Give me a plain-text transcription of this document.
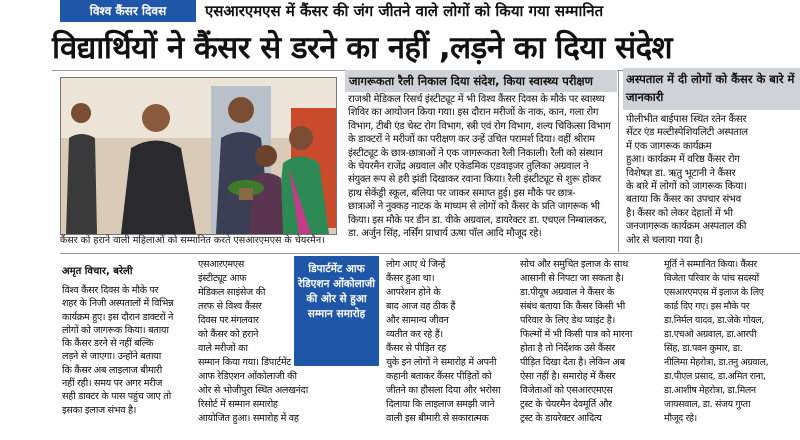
विश्व कैंसर दिवस	एसआरएमएस में कैंसर की जंग जीतने वाले लोगों को किया गया सम्मानित
विद्यार्थियों ने कैंसर से डरने का नहीं ,लड़ने का दिया संदेश
कैंसर को हराने वाली महिलाओं को सम्मानित करते एसआरएमएस के चेयरमैन।
जागरूकता रैली निकाल दिया संदेश, किया स्वास्थ्य परीक्षण
राजश्री मेडिकल रिसर्च इंस्टीट्यूट में भी विश्व कैंसर दिवस के मौके पर स्वास्थ्य
शिविर का आयोजन किया गया। इस दौरान मरीजों के नाक, कान, गला रोग
विभाग, टीबी एंड चेस्ट रोग विभाग, स्त्री एवं रोग विभाग, शल्य चिकित्सा विभाग
के डाक्टरों ने मरीजों का परीक्षण कर उन्हें उचित परामर्श दिया। वहीं श्रीराम
इंस्टीट्यूट के छात्र-छात्राओं ने एक जागरूकता रैली निकाली। रैली को संस्थान
के चेयरमैन राजेंद्र अग्रवाल और एकेडमिक एडवाइजर तुलिका अग्रवाल ने
संयुक्त रूप से हरी झंडी दिखाकर रवाना किया। रैली इंस्टीट्यूट से शुरू होकर
हाथ सेकेंड्री स्कूल, बलिया पर जाकर समाप्त हुई। इस मौके पर छात्र-
छात्राओं ने नुक्कड़ नाटक के माध्यम से लोगों को कैंसर के प्रति जागरूक भी
किया। इस मौके पर डीन डा. वीके अग्रवाल, डायरेक्टर डा. एचएल निम्बालकर,
डा. अर्जुन सिंह, नर्सिंग प्राचार्य ऊषा पॉल आदि मौजूद रहे।
अस्पताल में दी लोगों को कैंसर के बारे में जानकारी
पीलीभीत बाईपास स्थित रतेन कैंसर
सेंटर एंड मल्टीस्पेशियलिटी अस्पताल
में एक जागरूक कार्यक्रम
हुआ। कार्यक्रम में वरिष्ठ कैंसर रोग
विशेषज्ञ डा. ऋतु भूटानी ने कैंसर
के बारे में लोगों को जागरूक किया।
बताया कि कैंसर का उपचार संभव
है। कैंसर को लेकर देहातों में भी
जनजागरूक कार्यक्रम अस्पताल की
ओर से चलाया गया है।
अमृत विचार, बरेली	डिपार्टमेंट आफ रेडिएशन ओंकोलाजी की ओर से हुआ सम्मान समारोह
विश्व कैंसर दिवस के मौके पर
शहर के निजी अस्पतालों में विभिन्न
कार्यक्रम हुए। इस दौरान डाक्टरों ने
लोगों को जागरूक किया। बताया
कि कैंसर डरने से नहीं बल्कि
लड़ने से जाएगा। उन्होंने बताया
कि कैंसर अब लाइलाज बीमारी
नहीं रही। समय पर अगर मरीज
सही डाक्टर के पास पहुंच जाए तो
इसका इलाज संभव है।
एसआरएमएस
इंस्टीट्यूट आफ
मेडिकल साइंसेज की
तरफ से विश्व कैंसर
दिवस पर मंगलवार
को कैंसर को हराने
वाले मरीजों का
सम्मान किया गया। डिपार्टमेंट
आफ रेडिएशन ओंकोलाजी की
ओर से भोजीपुरा स्थित अलखनंदा
रिसोर्ट में सम्मान समारोह
आयोजित हुआ। समारोह में वह
लोग आए थे जिन्हें
कैंसर हुआ था।
आपरेशन होने के
बाद आज वह ठीक हैं
और सामान्य जीवन
व्यतीत कर रहे हैं।
कैंसर से पीड़ित रह
चुके इन लोगों ने समारोह में अपनी
कहानी बताकर कैंसर पीड़ितों को
जीतने का हौसला दिया और भरोसा
दिलाया कि लाइलाज समझी जाने
वाली इस बीमारी से सकारात्मक
सोच और समुचित इलाज के साथ
आसानी से निपटा जा सकता है।
डा.पीयूष अग्रवाल ने कैंसर के
संबंध बताया कि कैंसर किसी भी
परिवार के लिए डेथ प्वाइंट है।
फिल्मों में भी किसी पात्र को मारना
होता है तो निर्देशक उसे कैंसर
पीड़ित दिखा देता है। लेकिन अब
ऐसा नहीं है। समारोह में कैंसर
विजेताओं को एसआरएमएस
ट्रस्ट के चेयरमैन देवमूर्ति और
ट्रस्ट के डायरेक्टर आदित्य
मूर्ति ने सम्मानित किया। कैंसर
विजेता परिवार के पांच सदस्यों
एसआरएमएस में इलाज के लिए
कार्ड दिए गए। इस मौके पर
डा.निर्मल यादव, डा.जेके गोयल,
डा.एचओ अग्रवाल, डा.आरपी
सिंह, डा.पवन कुमार, डा.
नीलिमा मेहरोत्रा, डा.तनु अग्रवाल,
डा.पीएल प्रसाद, डा.अमित राना,
डा.आशीष मेहरोत्रा, डा.मिलन
जायसवाल, डा. संजय गुप्ता
मौजूद रहे।
